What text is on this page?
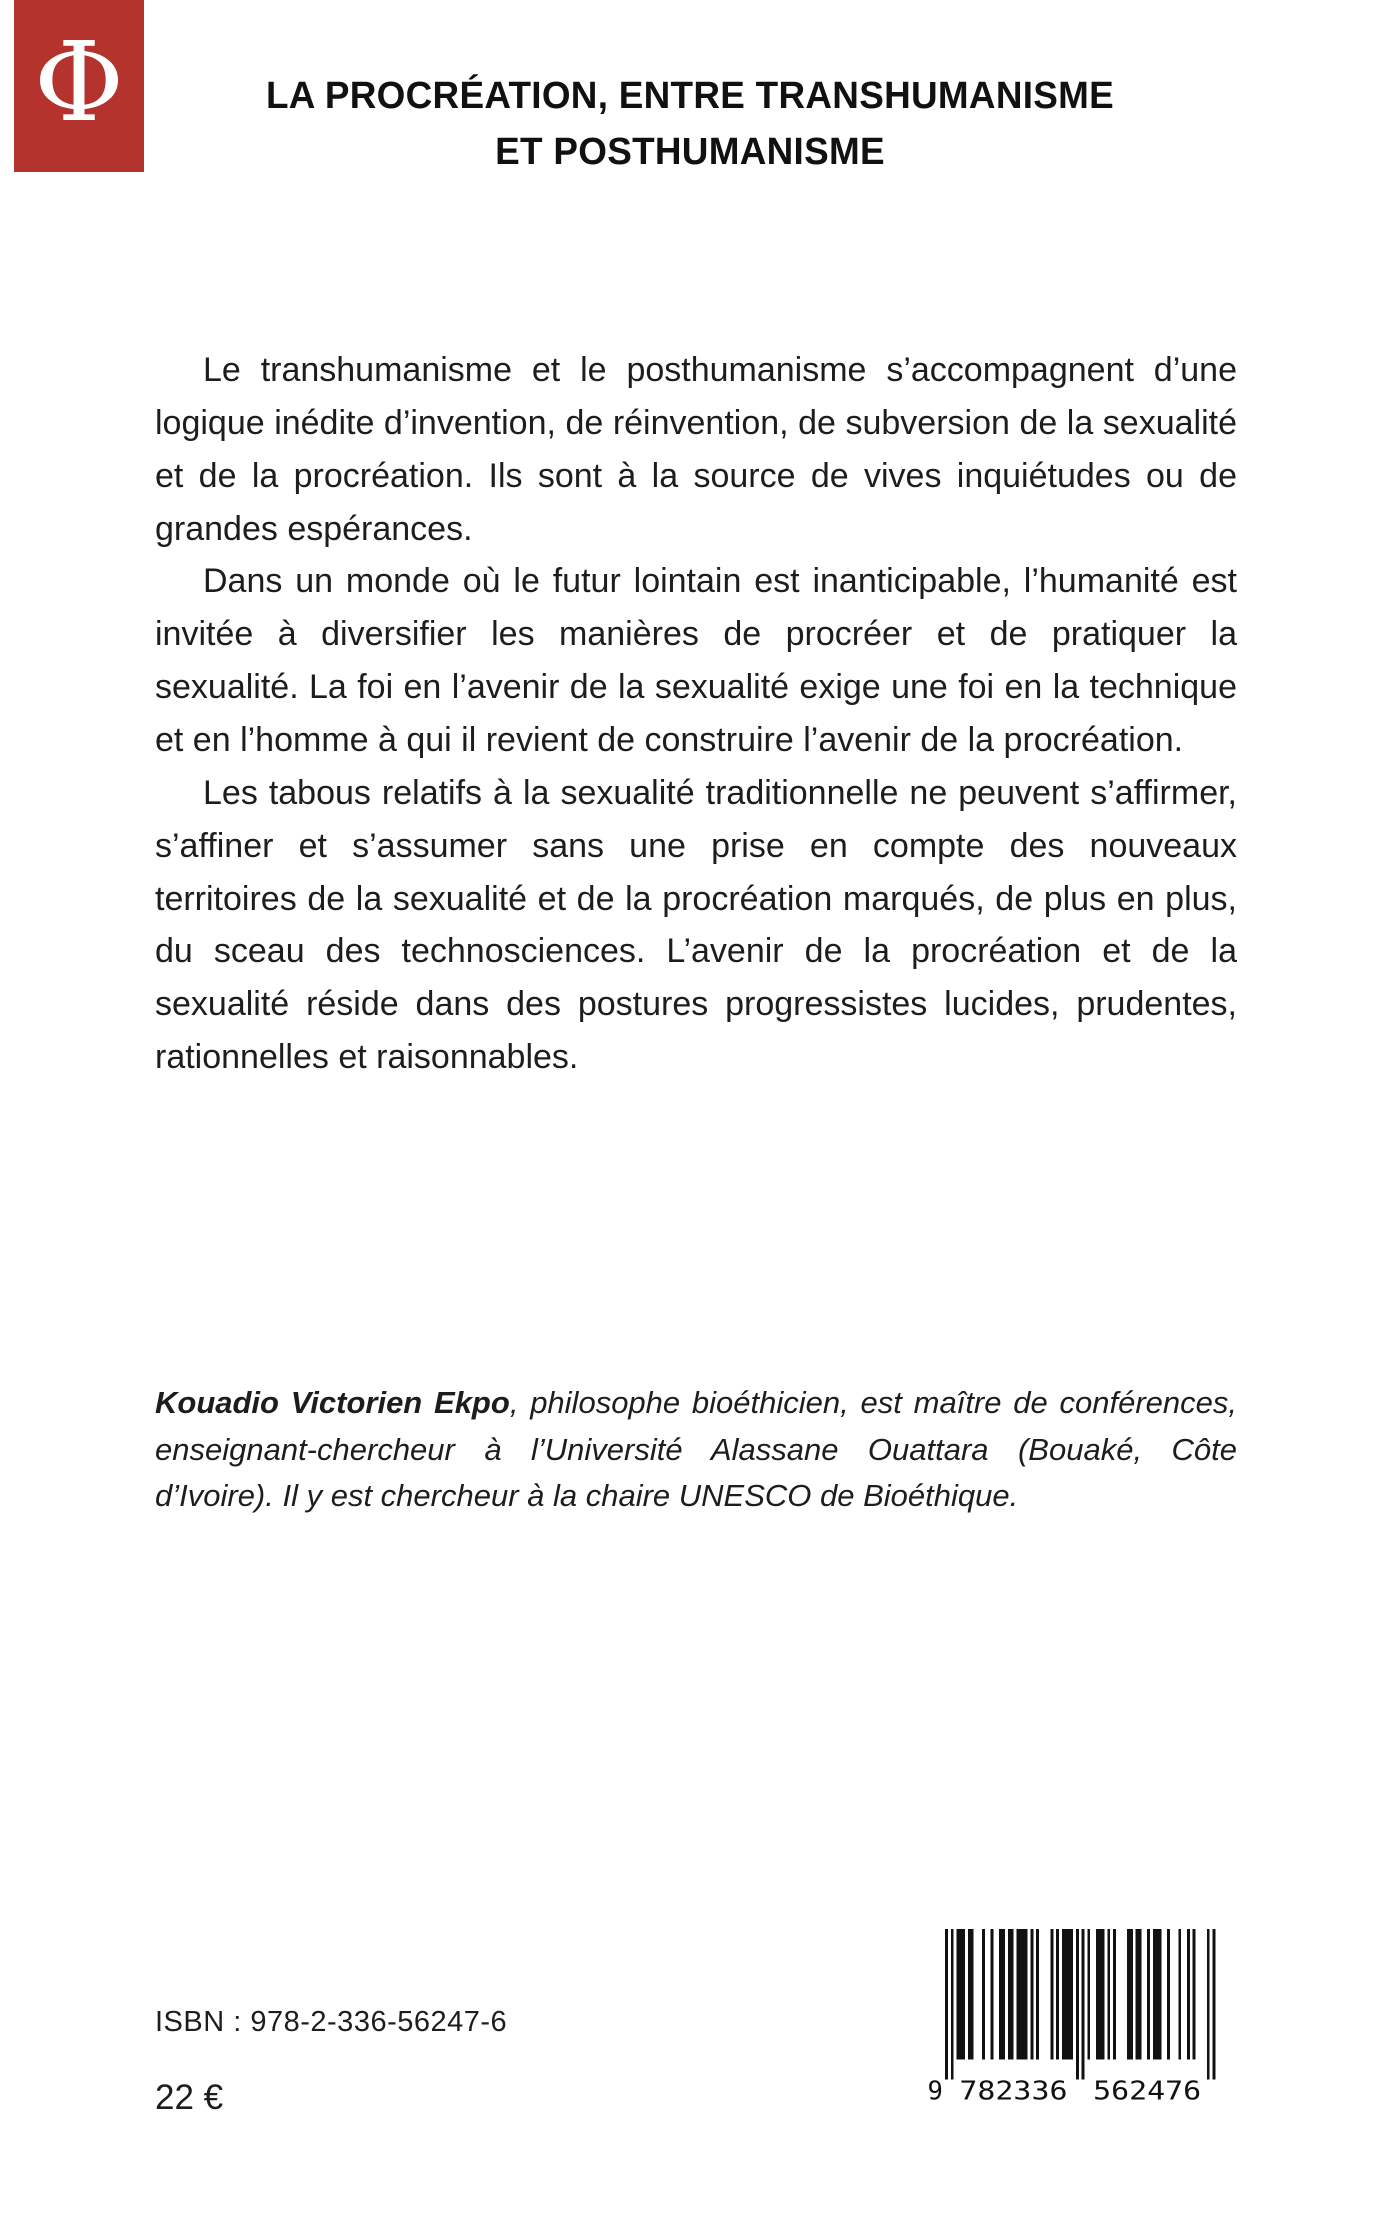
Φ	LA PROCRÉATION, ENTRE TRANSHUMANISME
ET POSTHUMANISME

Le transhumanisme et le posthumanisme s’accompagnent d’une logique inédite d’invention, de réinvention, de subversion de la sexualité et de la procréation. Ils sont à la source de vives inquiétudes ou de grandes espérances.

Dans un monde où le futur lointain est inanticipable, l’humanité est invitée à diversifier les manières de procréer et de pratiquer la sexualité. La foi en l’avenir de la sexualité exige une foi en la technique et en l’homme à qui il revient de construire l’avenir de la procréation.

Les tabous relatifs à la sexualité traditionnelle ne peuvent s’affirmer, s’affiner et s’assumer sans une prise en compte des nouveaux territoires de la sexualité et de la procréation marqués, de plus en plus, du sceau des technosciences. L’avenir de la procréation et de la sexualité réside dans des postures progressistes lucides, prudentes, rationnelles et raisonnables.

Kouadio Victorien Ekpo, philosophe bioéthicien, est maître de conférences, enseignant-chercheur à l’Université Alassane Ouattara (Bouaké, Côte d’Ivoire). Il y est chercheur à la chaire UNESCO de Bioéthique.

ISBN : 978-2-336-56247-6
22 €	9 782336	562476
